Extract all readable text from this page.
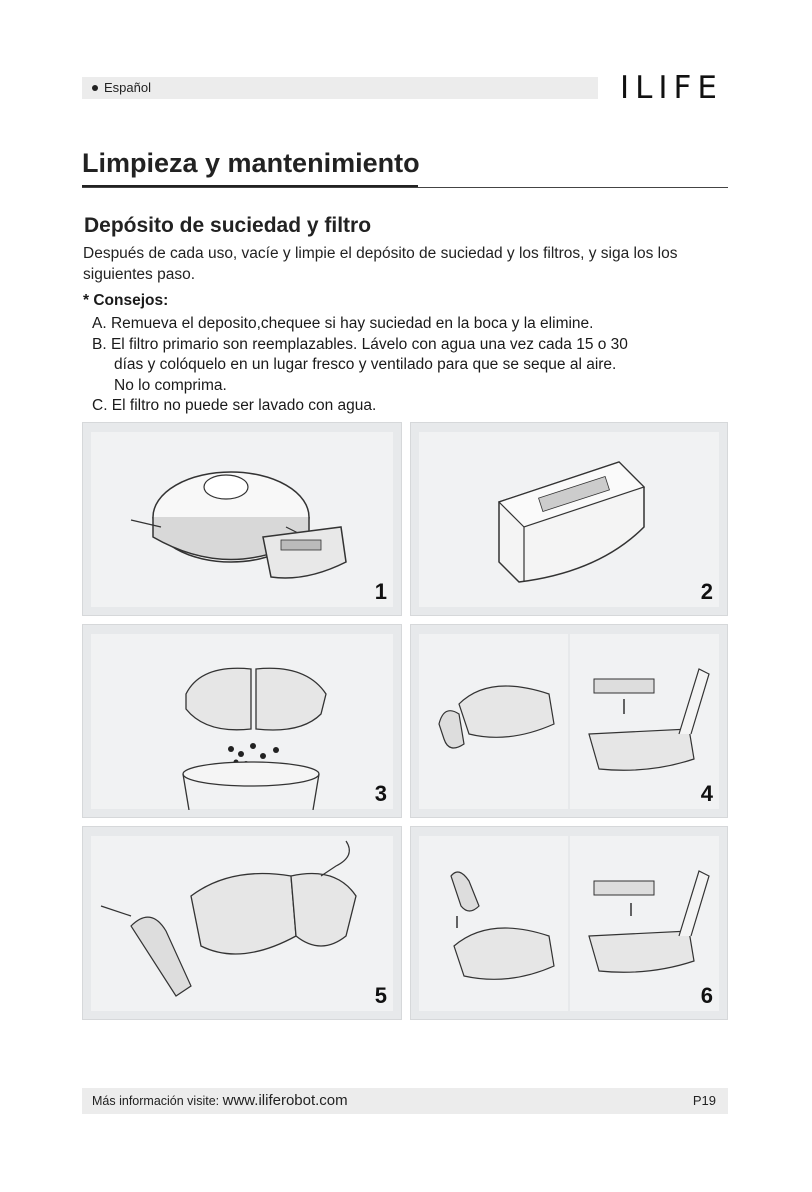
Español	ILIFE
Limpieza y mantenimiento
Depósito de suciedad y filtro
Después de cada uso, vacíe y limpie el depósito de suciedad y los filtros, y siga los los siguientes paso.
* Consejos:
A. Remueva el deposito,chequee si hay suciedad en la boca y la elimine.
B. El filtro primario son reemplazables. Lávelo con agua una vez cada 15 o 30
días y colóquelo en un lugar fresco y ventilado para que se seque al aire.
No lo comprima.
C. El filtro no puede ser lavado con agua.
1	2
3	4
5	6
Más información visite: www.iliferobot.com	P19
